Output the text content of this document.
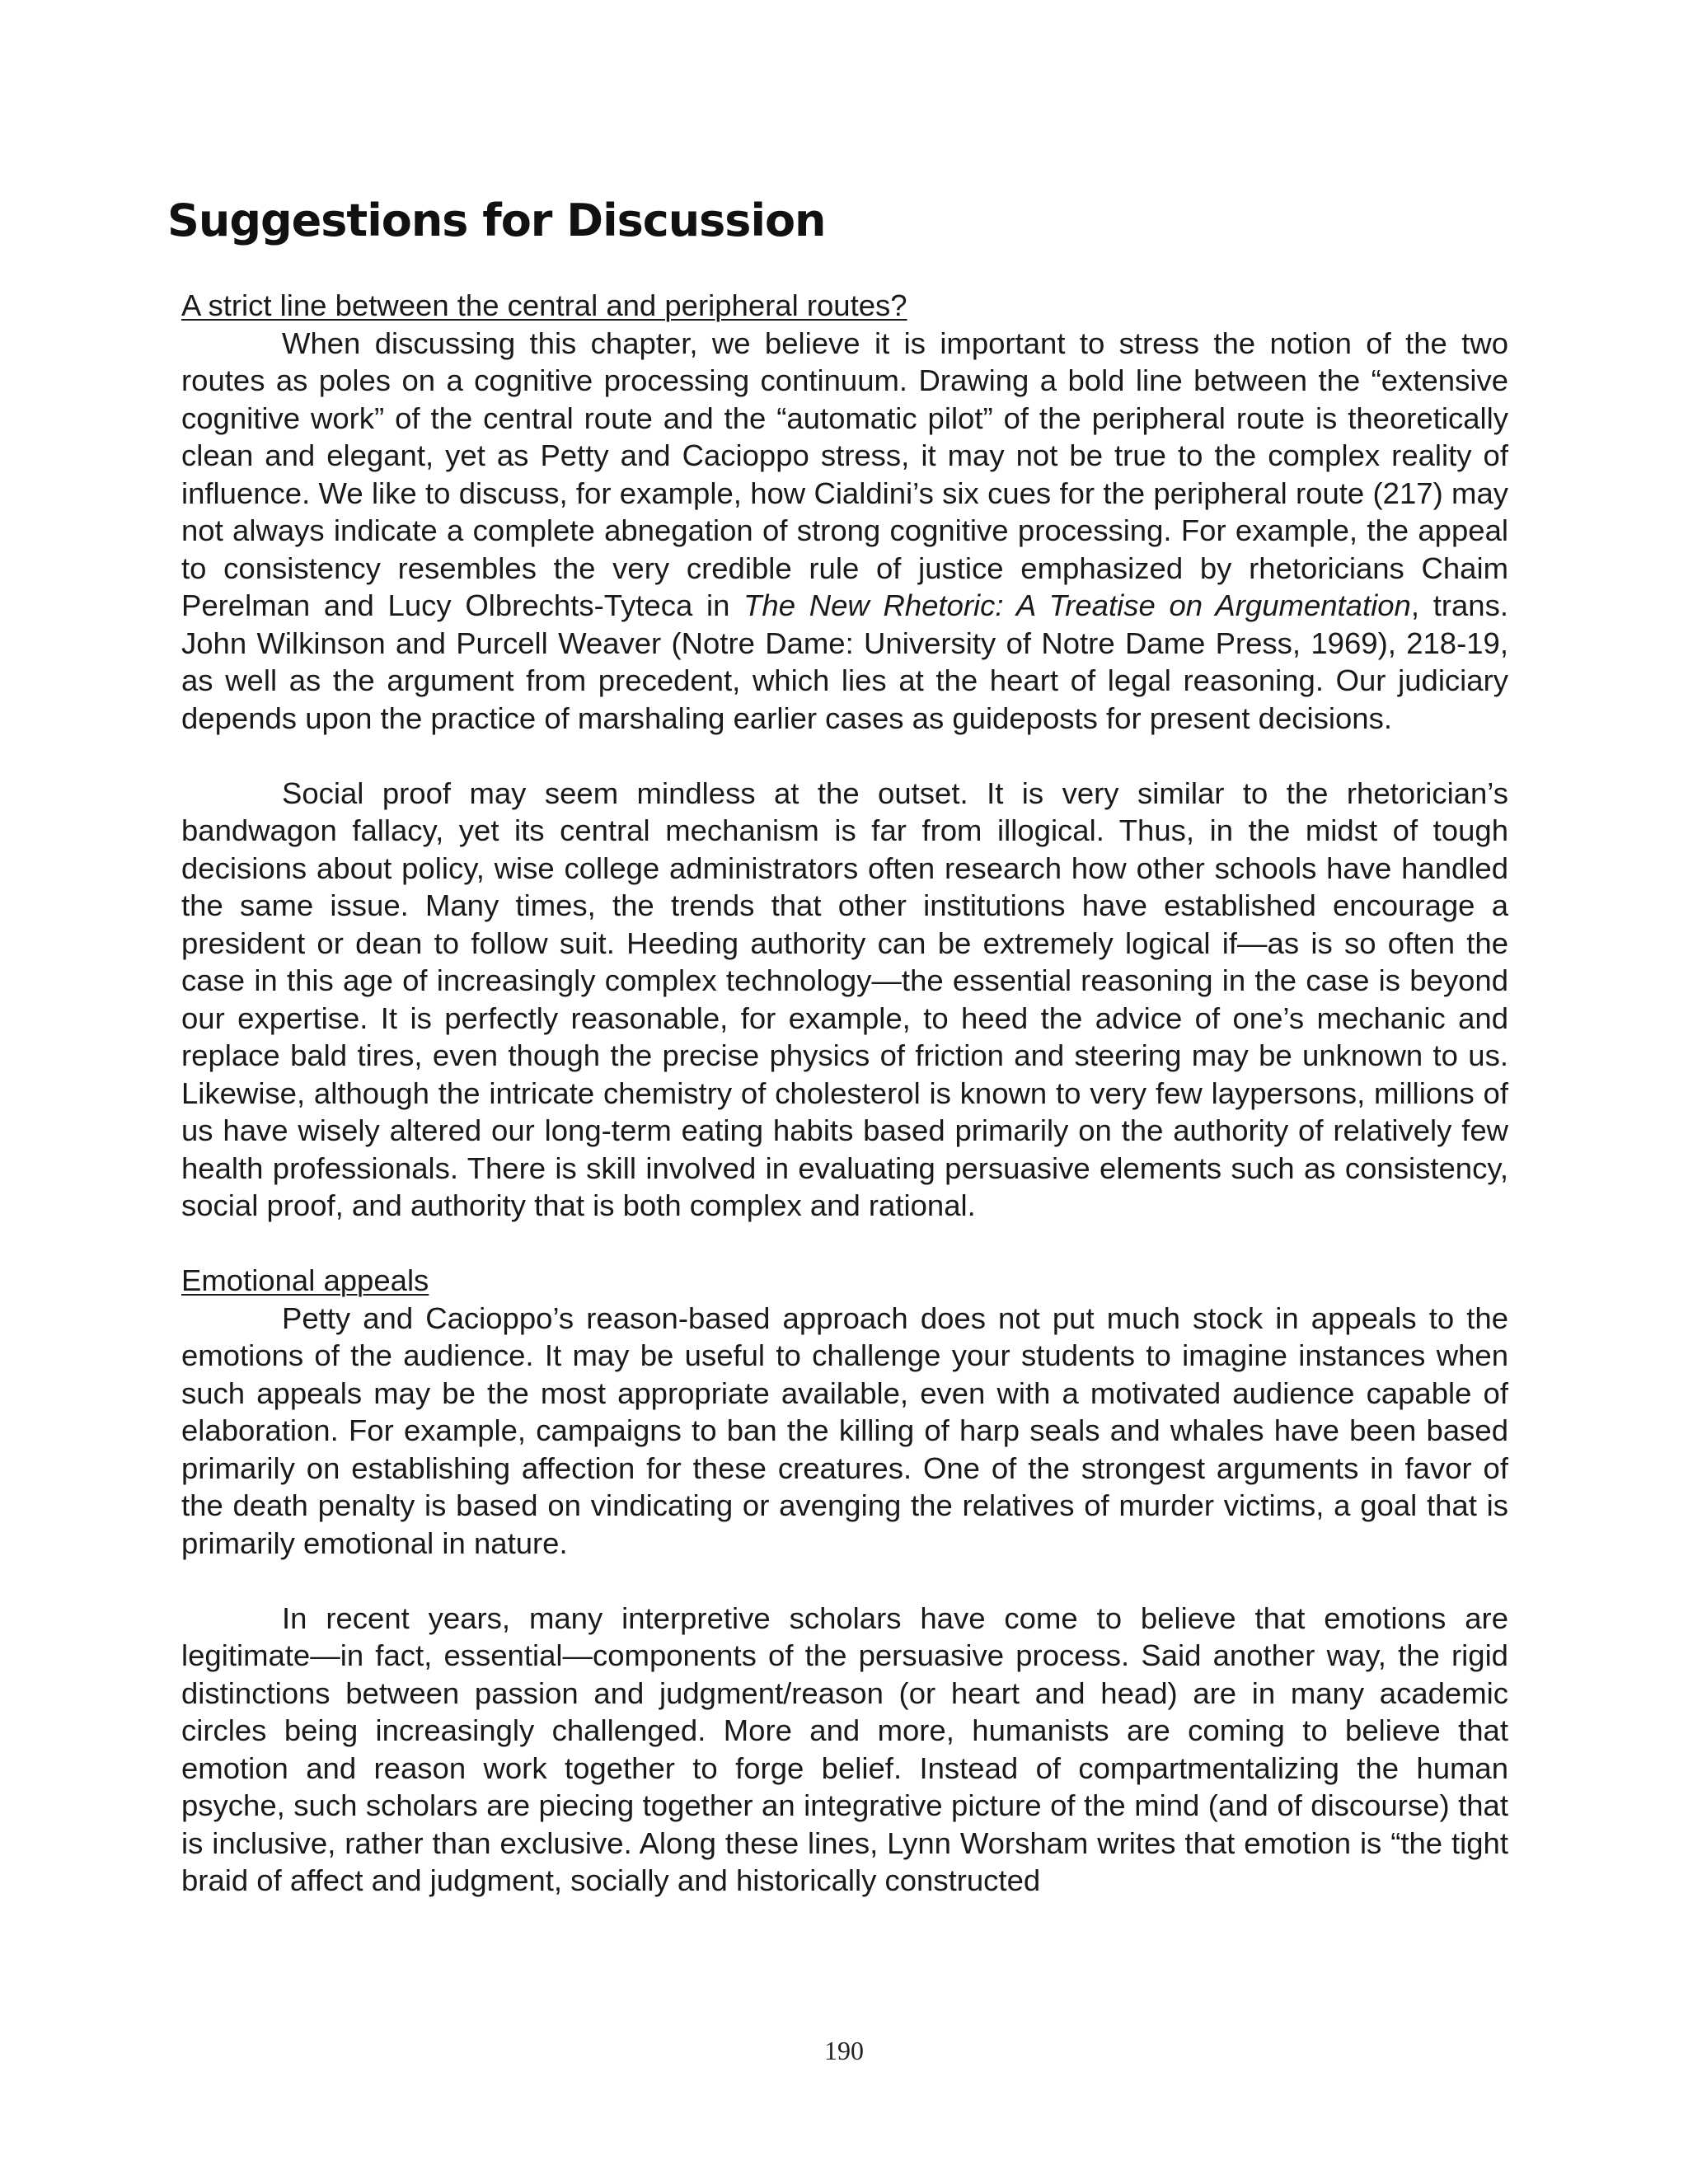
Suggestions for Discussion
A strict line between the central and peripheral routes?

When discussing this chapter, we believe it is important to stress the notion of the two routes as poles on a cognitive processing continuum. Drawing a bold line between the “extensive cognitive work” of the central route and the “automatic pilot” of the peripheral route is theoretically clean and elegant, yet as Petty and Cacioppo stress, it may not be true to the complex reality of influence. We like to discuss, for example, how Cialdini’s six cues for the peripheral route (217) may not always indicate a complete abnegation of strong cognitive processing. For example, the appeal to consistency resembles the very credible rule of justice emphasized by rhetoricians Chaim Perelman and Lucy Olbrechts-Tyteca in The New Rhetoric: A Treatise on Argumentation, trans. John Wilkinson and Purcell Weaver (Notre Dame: University of Notre Dame Press, 1969), 218-19, as well as the argument from precedent, which lies at the heart of legal reasoning. Our judiciary depends upon the practice of marshaling earlier cases as guideposts for present decisions.

Social proof may seem mindless at the outset. It is very similar to the rhetorician’s bandwagon fallacy, yet its central mechanism is far from illogical. Thus, in the midst of tough decisions about policy, wise college administrators often research how other schools have handled the same issue. Many times, the trends that other institutions have established encourage a president or dean to follow suit. Heeding authority can be extremely logical if—as is so often the case in this age of increasingly complex technology—the essential reasoning in the case is beyond our expertise. It is perfectly reasonable, for example, to heed the advice of one’s mechanic and replace bald tires, even though the precise physics of friction and steering may be unknown to us. Likewise, although the intricate chemistry of cholesterol is known to very few laypersons, millions of us have wisely altered our long-term eating habits based primarily on the authority of relatively few health professionals. There is skill involved in evaluating persuasive elements such as consistency, social proof, and authority that is both complex and rational.

Emotional appeals

Petty and Cacioppo’s reason-based approach does not put much stock in appeals to the emotions of the audience. It may be useful to challenge your students to imagine instances when such appeals may be the most appropriate available, even with a motivated audience capable of elaboration. For example, campaigns to ban the killing of harp seals and whales have been based primarily on establishing affection for these creatures. One of the strongest arguments in favor of the death penalty is based on vindicating or avenging the relatives of murder victims, a goal that is primarily emotional in nature.

In recent years, many interpretive scholars have come to believe that emotions are legitimate—in fact, essential—components of the persuasive process. Said another way, the rigid distinctions between passion and judgment/reason (or heart and head) are in many academic circles being increasingly challenged. More and more, humanists are coming to believe that emotion and reason work together to forge belief. Instead of compartmentalizing the human psyche, such scholars are piecing together an integrative picture of the mind (and of discourse) that is inclusive, rather than exclusive. Along these lines, Lynn Worsham writes that emotion is “the tight braid of affect and judgment, socially and historically constructed

190
